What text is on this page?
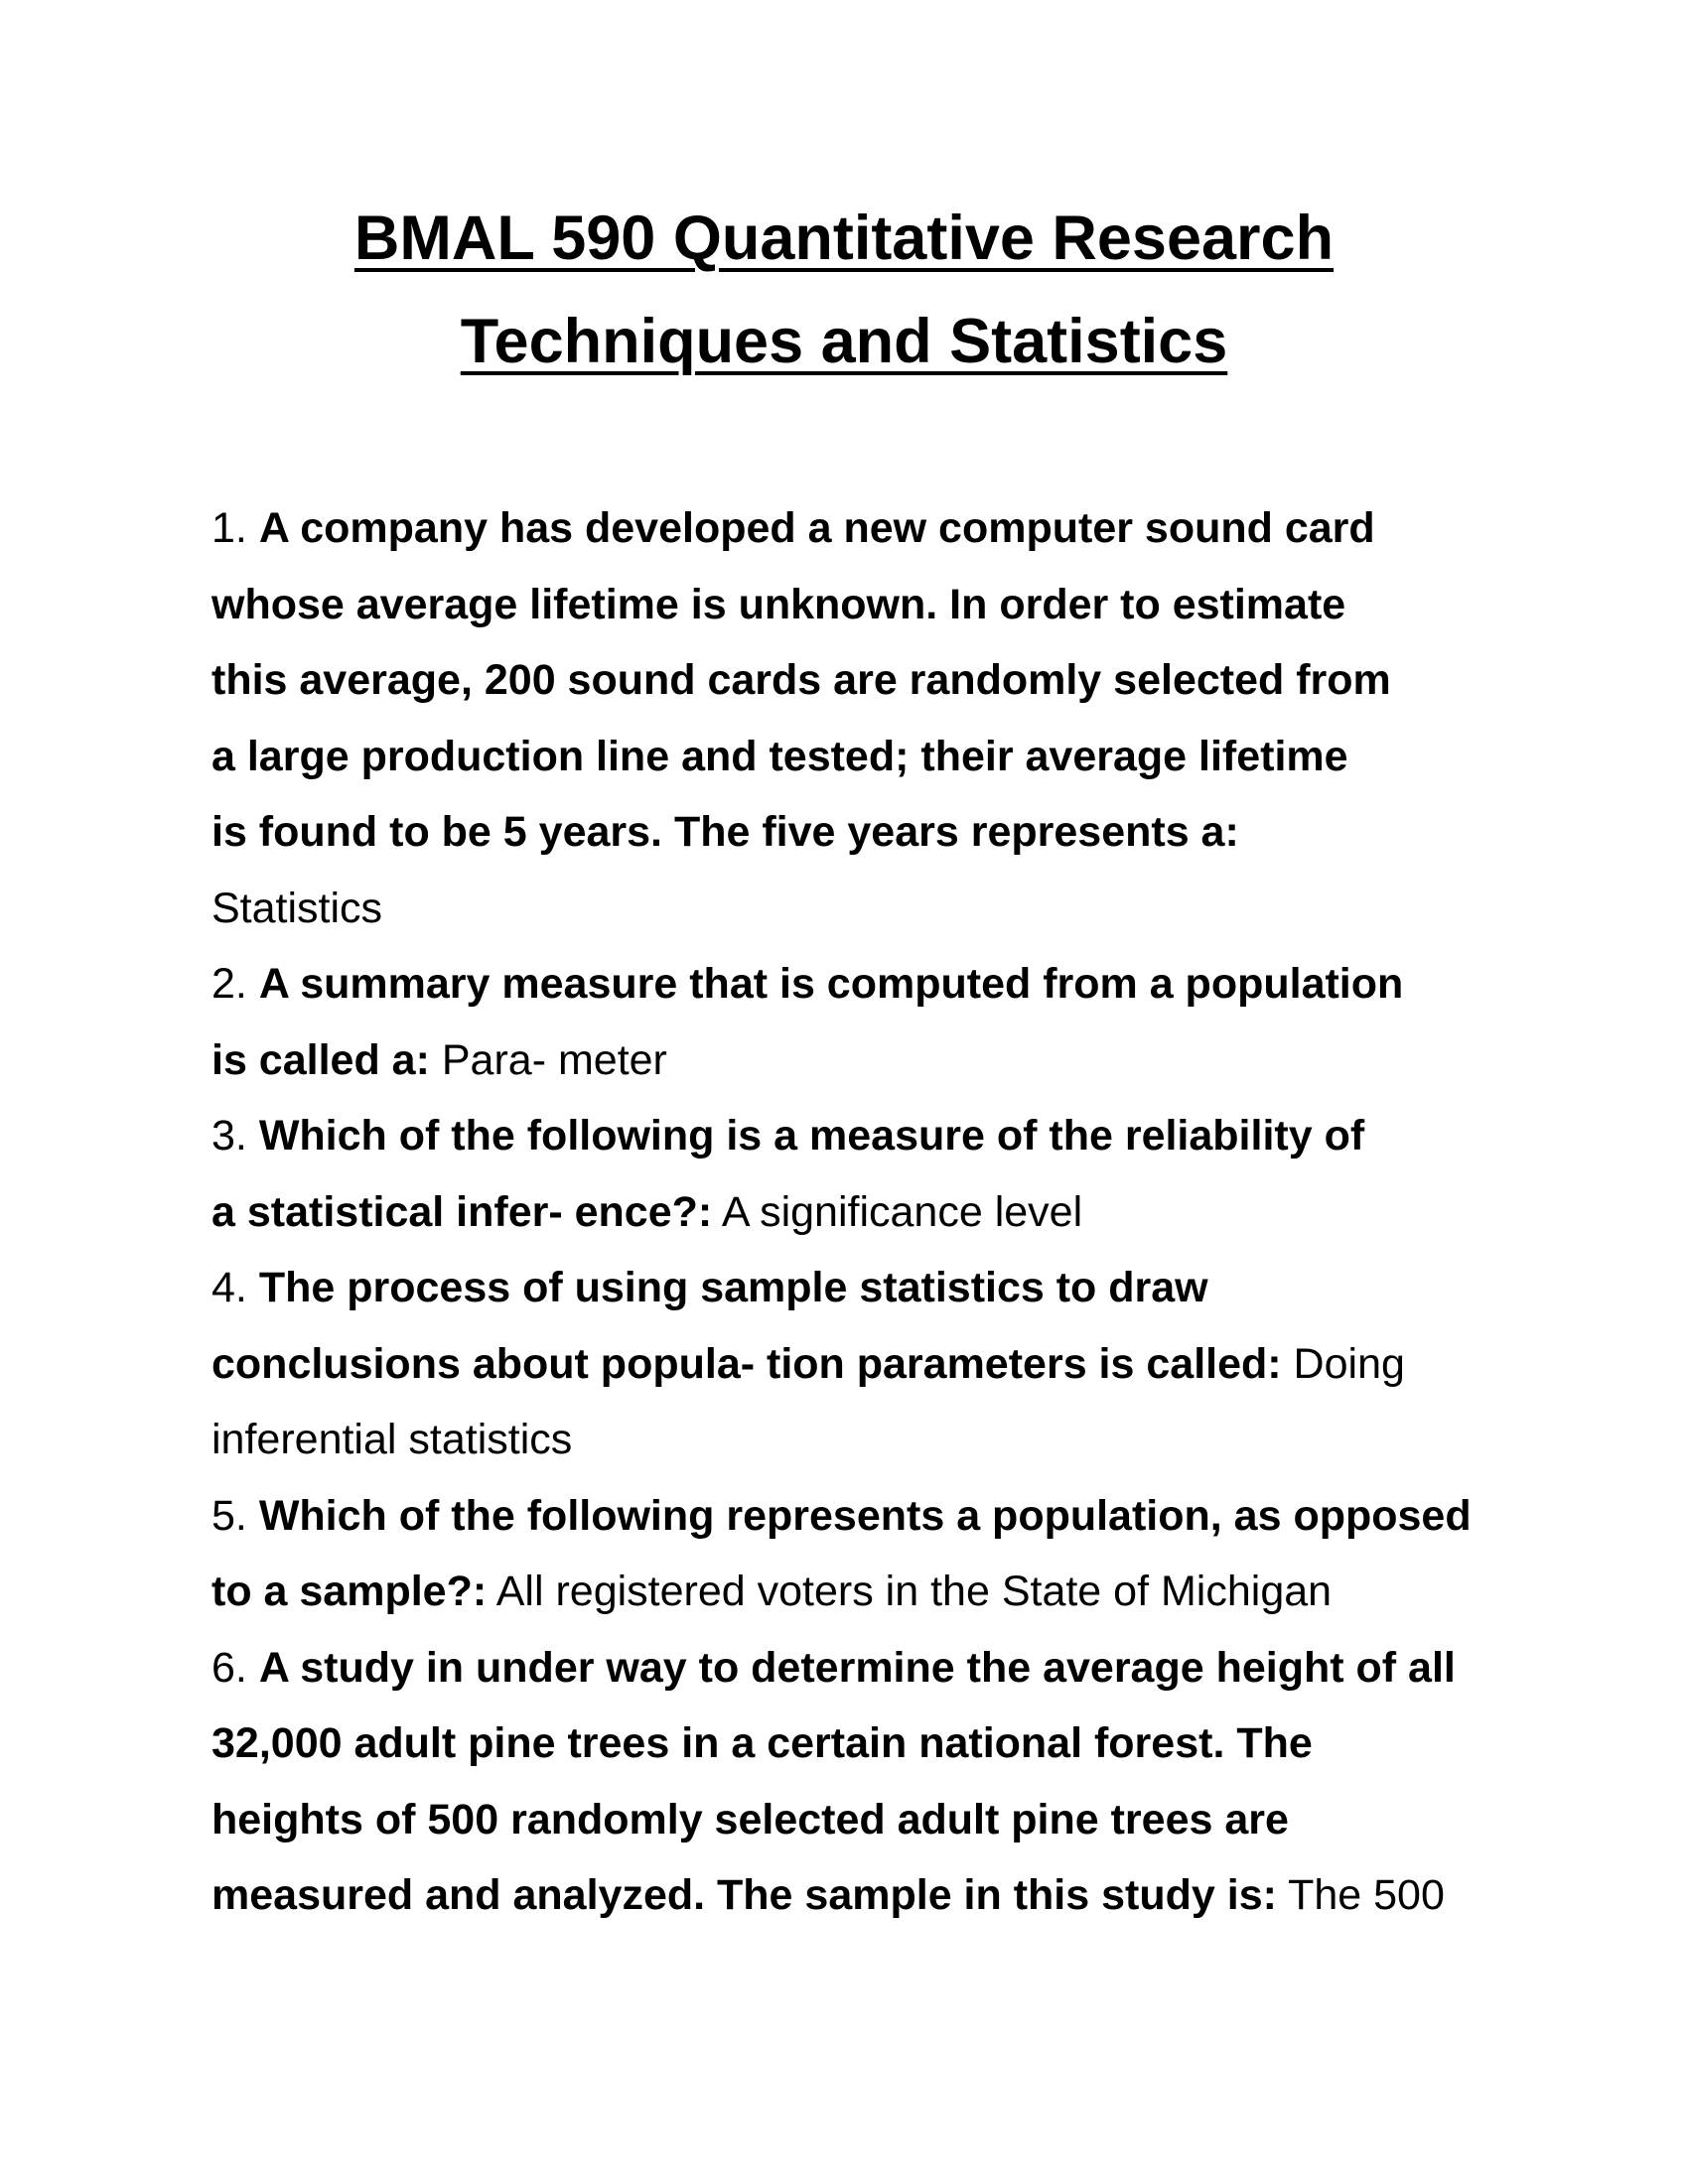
BMAL 590 Quantitative Research
Techniques and Statistics
1. A company has developed a new computer sound card
whose average lifetime is unknown. In order to estimate
this average, 200 sound cards are randomly selected from
a large production line and tested; their average lifetime
is found to be 5 years. The five years represents a:
Statistics
2. A summary measure that is computed from a population
is called a: Para- meter
3. Which of the following is a measure of the reliability of
a statistical infer- ence?: A significance level
4. The process of using sample statistics to draw
conclusions about popula- tion parameters is called: Doing
inferential statistics
5. Which of the following represents a population, as opposed
to a sample?: All registered voters in the State of Michigan
6. A study in under way to determine the average height of all
32,000 adult pine trees in a certain national forest. The
heights of 500 randomly selected adult pine trees are
measured and analyzed. The sample in this study is: The 500
